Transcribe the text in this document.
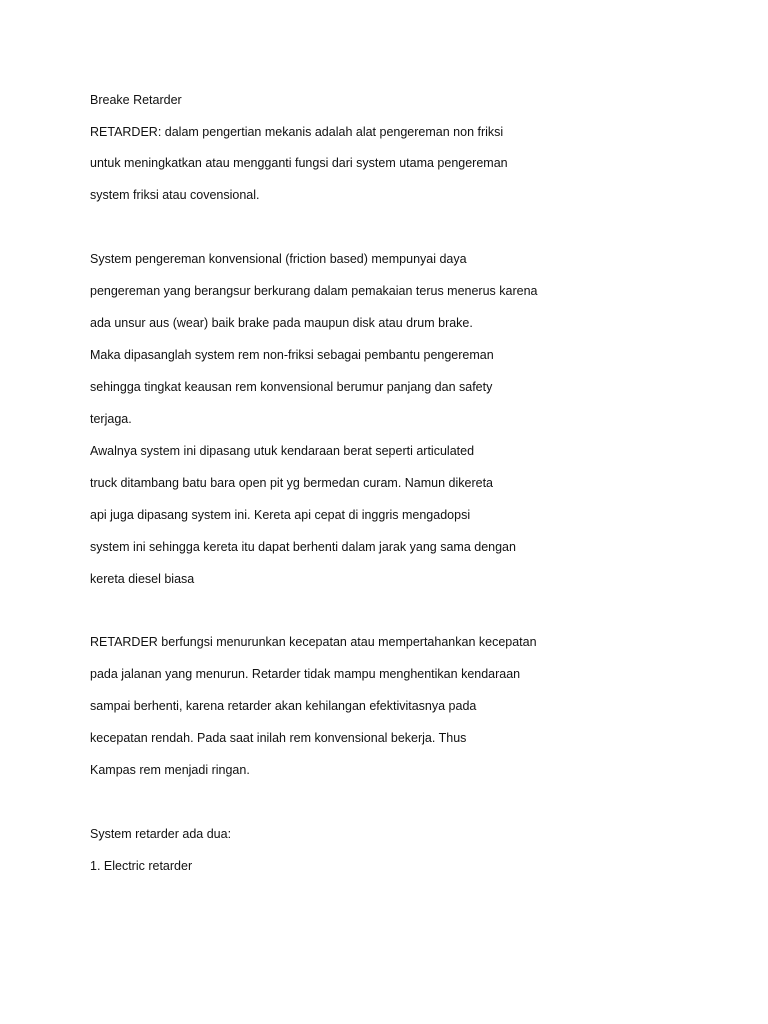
Breake Retarder
RETARDER: dalam pengertian mekanis adalah alat pengereman non friksi
untuk meningkatkan atau mengganti fungsi dari system utama pengereman
system friksi atau covensional.
System pengereman konvensional (friction based) mempunyai daya
pengereman yang berangsur berkurang dalam pemakaian terus menerus karena
ada unsur aus (wear) baik brake pada maupun disk atau drum brake.
Maka dipasanglah system rem non-friksi sebagai pembantu pengereman
sehingga tingkat keausan rem konvensional berumur panjang dan safety
terjaga.
Awalnya system ini dipasang utuk kendaraan berat seperti articulated
truck ditambang batu bara open pit yg bermedan curam. Namun dikereta
api juga dipasang system ini. Kereta api cepat di inggris mengadopsi
system ini sehingga kereta itu dapat berhenti dalam jarak yang sama dengan
kereta diesel biasa
RETARDER berfungsi menurunkan kecepatan atau mempertahankan kecepatan
pada jalanan yang menurun. Retarder tidak mampu menghentikan kendaraan
sampai berhenti, karena retarder akan kehilangan efektivitasnya pada
kecepatan rendah. Pada saat inilah rem konvensional bekerja. Thus
Kampas rem menjadi ringan.
System retarder ada dua:
1. Electric retarder
